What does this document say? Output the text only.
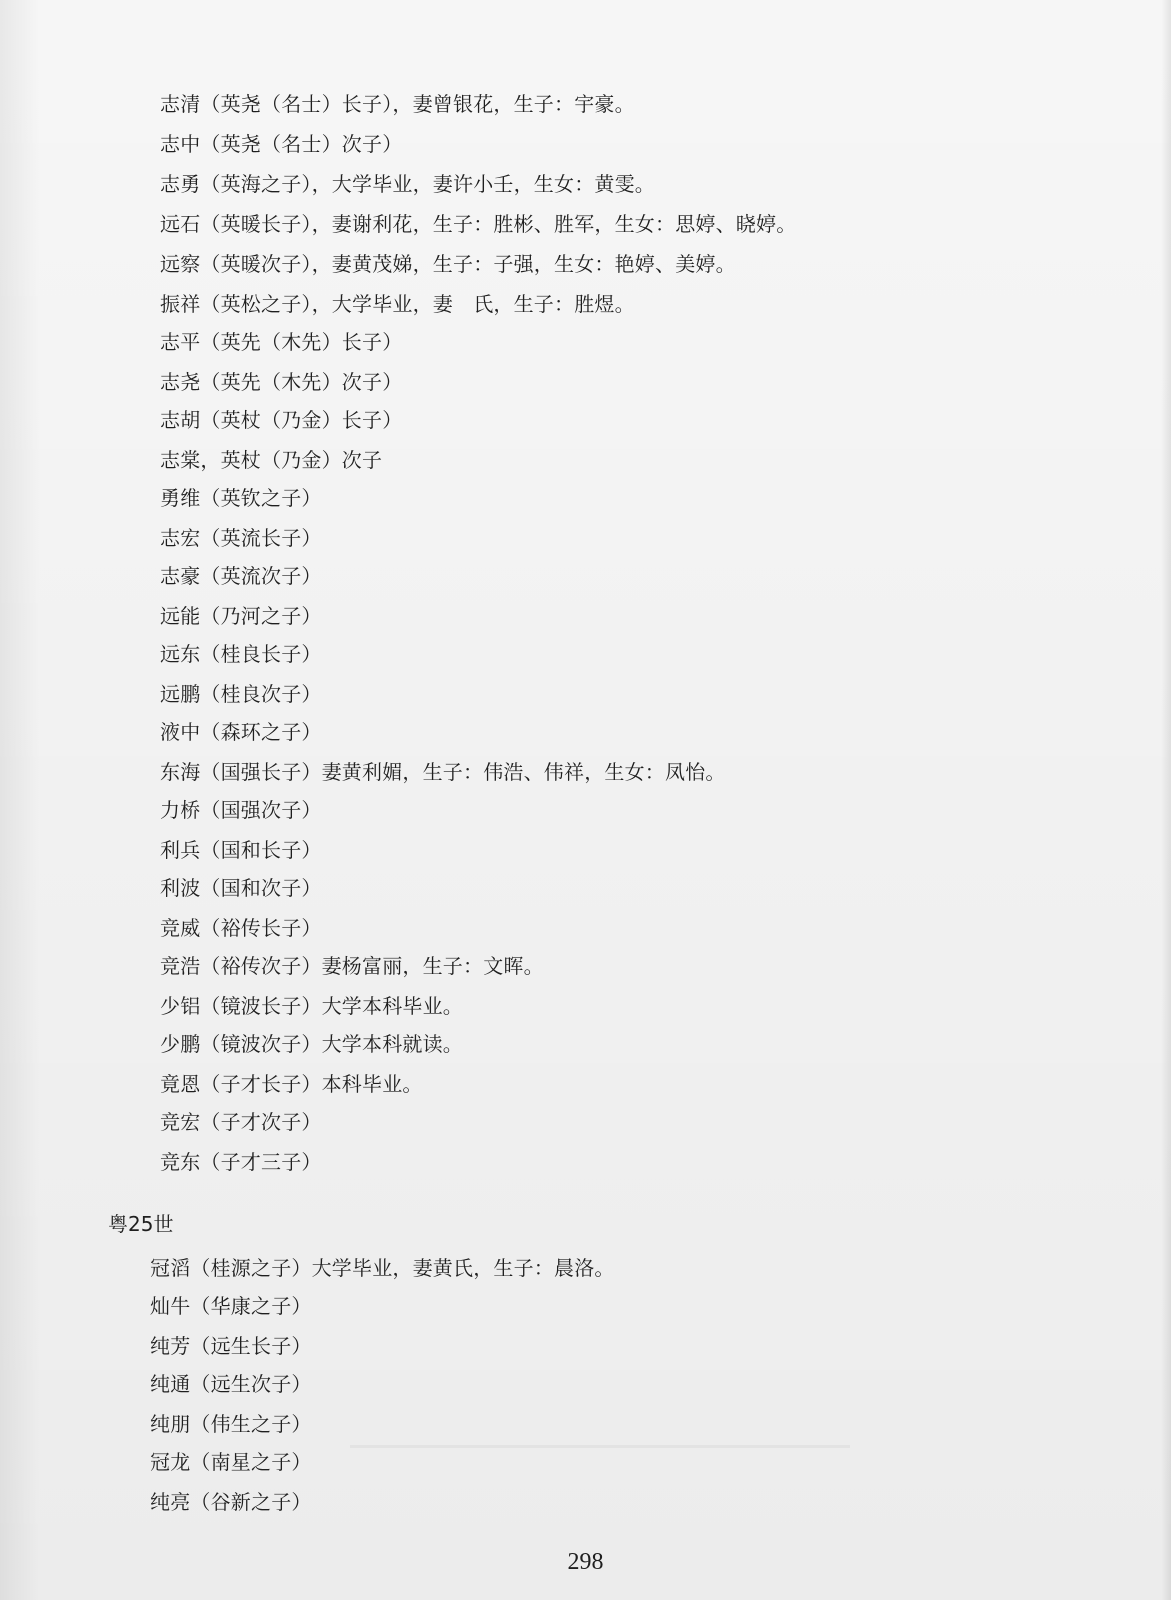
志清（英尧（名士）长子），妻曾银花，生子：宇豪。
志中（英尧（名士）次子）
志勇（英海之子），大学毕业，妻许小壬，生女：黄雯。
远石（英暖长子），妻谢利花，生子：胜彬、胜军，生女：思婷、晓婷。
远察（英暖次子），妻黄茂娣，生子：子强，生女：艳婷、美婷。
振祥（英松之子），大学毕业，妻　氏，生子：胜煜。
志平（英先（木先）长子）
志尧（英先（木先）次子）
志胡（英杖（乃金）长子）
志棠，英杖（乃金）次子
勇维（英钦之子）
志宏（英流长子）
志豪（英流次子）
远能（乃河之子）
远东（桂良长子）
远鹏（桂良次子）
液中（森环之子）
东海（国强长子）妻黄利媚，生子：伟浩、伟祥，生女：凤怡。
力桥（国强次子）
利兵（国和长子）
利波（国和次子）
竞威（裕传长子）
竞浩（裕传次子）妻杨富丽，生子：文晖。
少铝（镜波长子）大学本科毕业。
少鹏（镜波次子）大学本科就读。
竟恩（子才长子）本科毕业。
竞宏（子才次子）
竞东（子才三子）
粤25世
冠滔（桂源之子）大学毕业，妻黄氏，生子：晨洛。
灿牛（华康之子）
纯芳（远生长子）
纯通（远生次子）
纯朋（伟生之子）
冠龙（南星之子）
纯亮（谷新之子）
298
